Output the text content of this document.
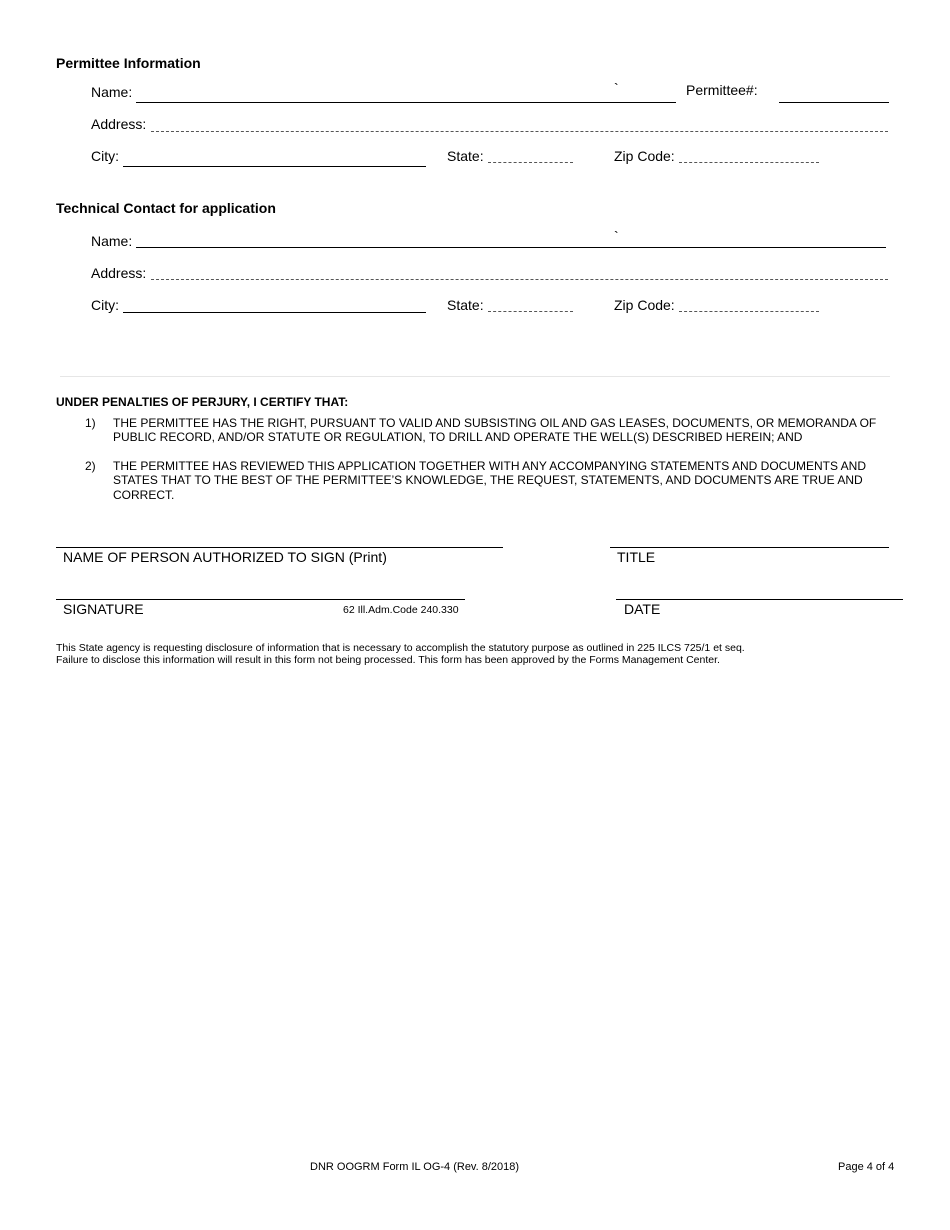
Permittee Information
Name:	`	Permittee#:
Address:
City:	State:	Zip Code:
Technical Contact for application
Name:	`
Address:
City:	State:	Zip Code:
UNDER PENALTIES OF PERJURY, I CERTIFY THAT:
1) THE PERMITTEE HAS THE RIGHT, PURSUANT TO VALID AND SUBSISTING OIL AND GAS LEASES, DOCUMENTS, OR MEMORANDA OF PUBLIC RECORD, AND/OR STATUTE OR REGULATION, TO DRILL AND OPERATE THE WELL(S) DESCRIBED HEREIN; AND
2) THE PERMITTEE HAS REVIEWED THIS APPLICATION TOGETHER WITH ANY ACCOMPANYING STATEMENTS AND DOCUMENTS AND STATES THAT TO THE BEST OF THE PERMITTEE’S KNOWLEDGE, THE REQUEST, STATEMENTS, AND DOCUMENTS ARE TRUE AND CORRECT.
NAME OF PERSON AUTHORIZED TO SIGN (Print)	TITLE
SIGNATURE	62 Ill.Adm.Code 240.330	DATE
This State agency is requesting disclosure of information that is necessary to accomplish the statutory purpose as outlined in 225 ILCS 725/1 et seq.
Failure to disclose this information will result in this form not being processed. This form has been approved by the Forms Management Center.
DNR OOGRM Form IL OG-4 (Rev. 8/2018)	Page 4 of 4
